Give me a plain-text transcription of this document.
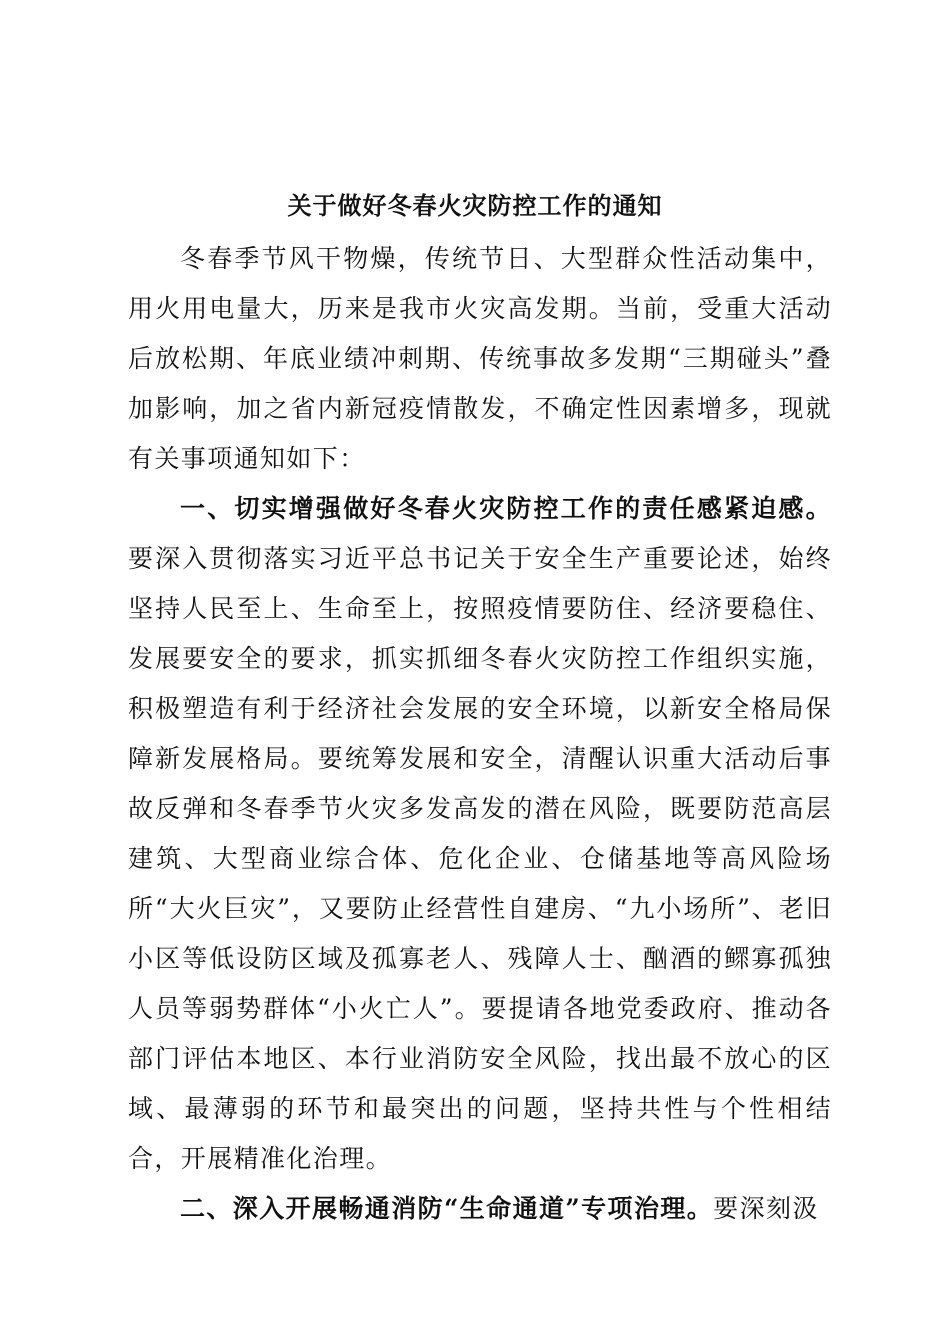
关于做好冬春火灾防控工作的通知

冬春季节风干物燥，传统节日、大型群众性活动集中，用火用电量大，历来是我市火灾高发期。当前，受重大活动后放松期、年底业绩冲刺期、传统事故多发期“三期碰头”叠加影响，加之省内新冠疫情散发，不确定性因素增多，现就有关事项通知如下：

一、切实增强做好冬春火灾防控工作的责任感紧迫感。要深入贯彻落实习近平总书记关于安全生产重要论述，始终坚持人民至上、生命至上，按照疫情要防住、经济要稳住、发展要安全的要求，抓实抓细冬春火灾防控工作组织实施，积极塑造有利于经济社会发展的安全环境，以新安全格局保障新发展格局。要统筹发展和安全，清醒认识重大活动后事故反弹和冬春季节火灾多发高发的潜在风险，既要防范高层建筑、大型商业综合体、危化企业、仓储基地等高风险场所“大火巨灾”，又要防止经营性自建房、“九小场所”、老旧小区等低设防区域及孤寡老人、残障人士、酗酒的鳏寡孤独人员等弱势群体“小火亡人”。要提请各地党委政府、推动各部门评估本地区、本行业消防安全风险，找出最不放心的区域、最薄弱的环节和最突出的问题，坚持共性与个性相结合，开展精准化治理。

二、深入开展畅通消防“生命通道”专项治理。要深刻汲
